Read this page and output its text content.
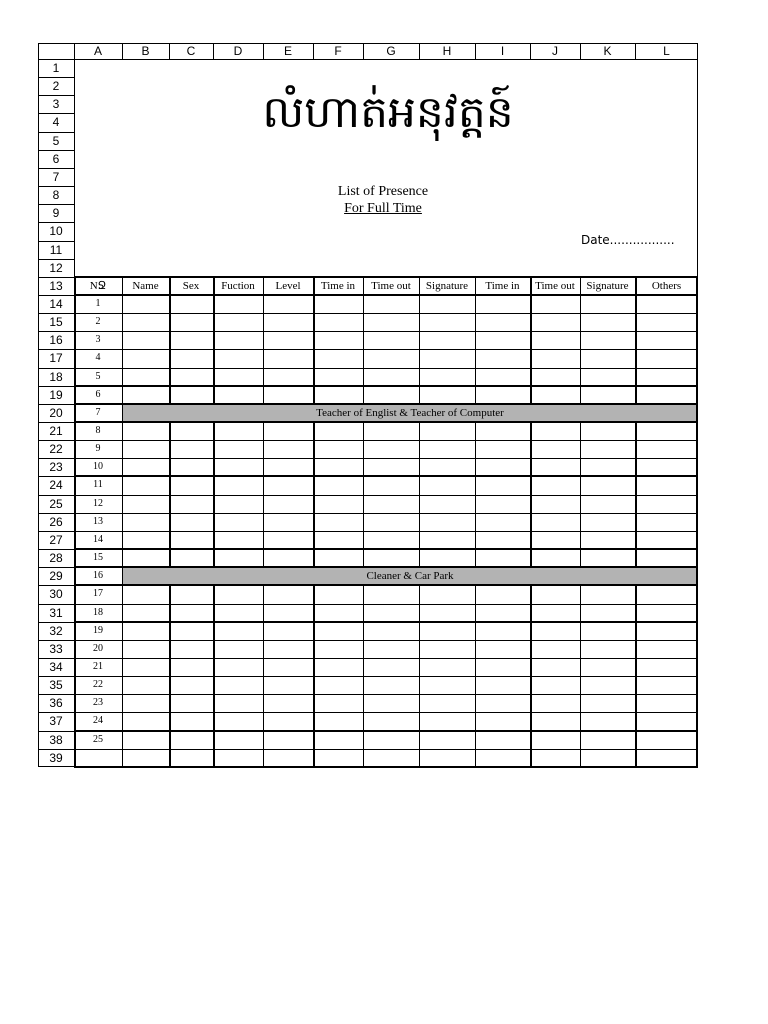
លំហាត់អនុវត្តន៍
List of Presence
For Full Time
Date.................
A	B	C	D	E	F	G	H	I	J	K	L
1
2
3
4
5
6
7
8
9
10
11
12
13
14
15
16
17
18
19
20
21
22
23
24
25
26
27
28
29
30
31
32
33
34
35
36
37
38
39
NՋ	Name	Sex	Fuction	Level	Time in	Time out	Signature	Time in	Time out	Signature	Others
1
2
3
4
5
6
7	Teacher of Englist & Teacher of Computer
8
9
10
11
12
13
14
15
16	Cleaner & Car Park
17
18
19
20
21
22
23
24
25
